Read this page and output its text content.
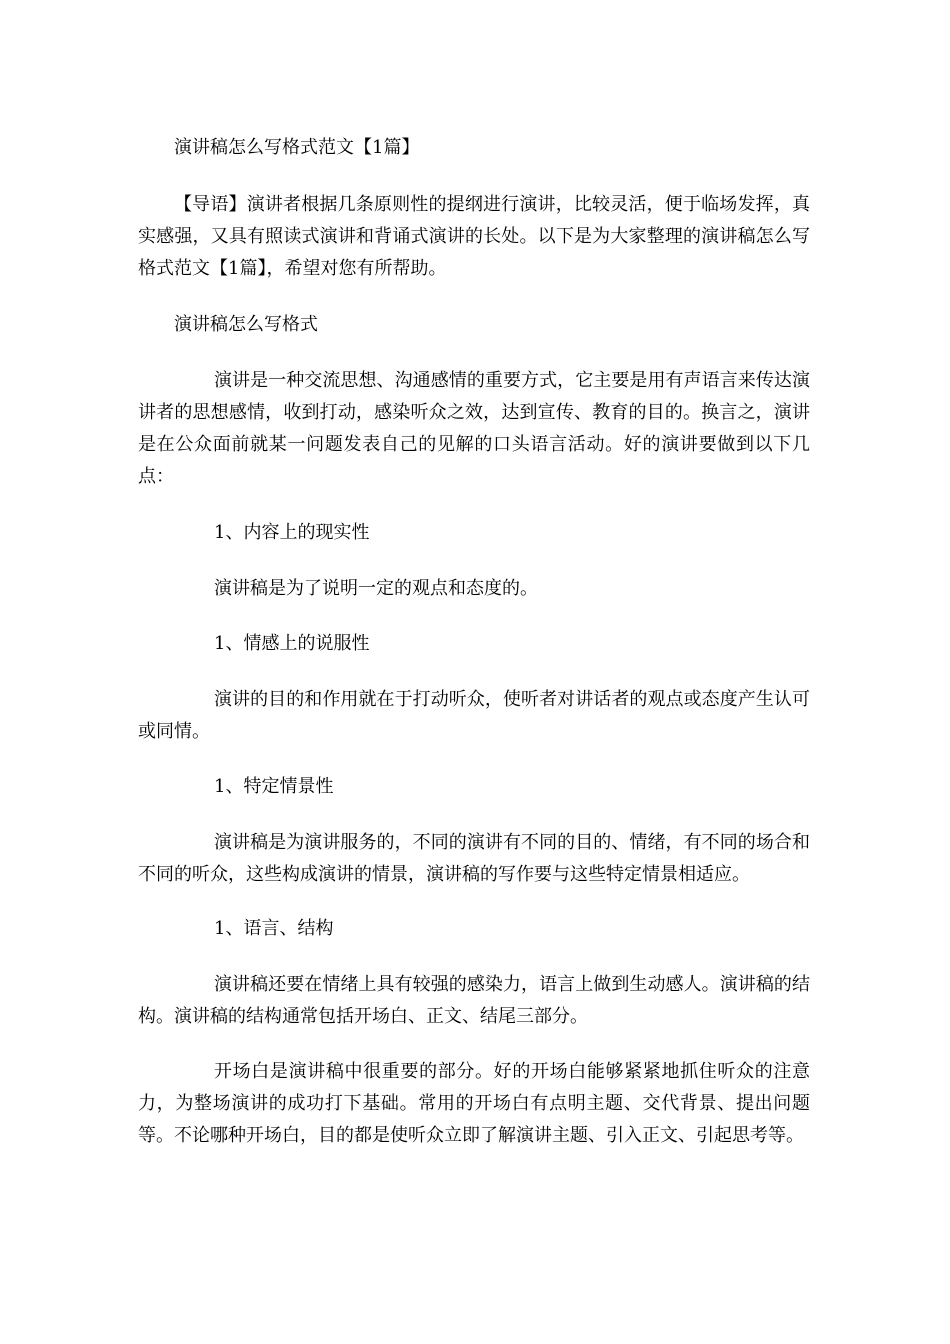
演讲稿怎么写格式范文【1篇】

【导语】演讲者根据几条原则性的提纲进行演讲，比较灵活，便于临场发挥，真实感强，又具有照读式演讲和背诵式演讲的长处。以下是为大家整理的演讲稿怎么写格式范文【1篇】，希望对您有所帮助。

演讲稿怎么写格式

演讲是一种交流思想、沟通感情的重要方式，它主要是用有声语言来传达演讲者的思想感情，收到打动，感染听众之效，达到宣传、教育的目的。换言之，演讲是在公众面前就某一问题发表自己的见解的口头语言活动。好的演讲要做到以下几点：

1、内容上的现实性

演讲稿是为了说明一定的观点和态度的。

1、情感上的说服性

演讲的目的和作用就在于打动听众，使听者对讲话者的观点或态度产生认可或同情。

1、特定情景性

演讲稿是为演讲服务的，不同的演讲有不同的目的、情绪，有不同的场合和不同的听众，这些构成演讲的情景，演讲稿的写作要与这些特定情景相适应。

1、语言、结构

演讲稿还要在情绪上具有较强的感染力，语言上做到生动感人。演讲稿的结构。演讲稿的结构通常包括开场白、正文、结尾三部分。

开场白是演讲稿中很重要的部分。好的开场白能够紧紧地抓住听众的注意力，为整场演讲的成功打下基础。常用的开场白有点明主题、交代背景、提出问题等。不论哪种开场白，目的都是使听众立即了解演讲主题、引入正文、引起思考等。
